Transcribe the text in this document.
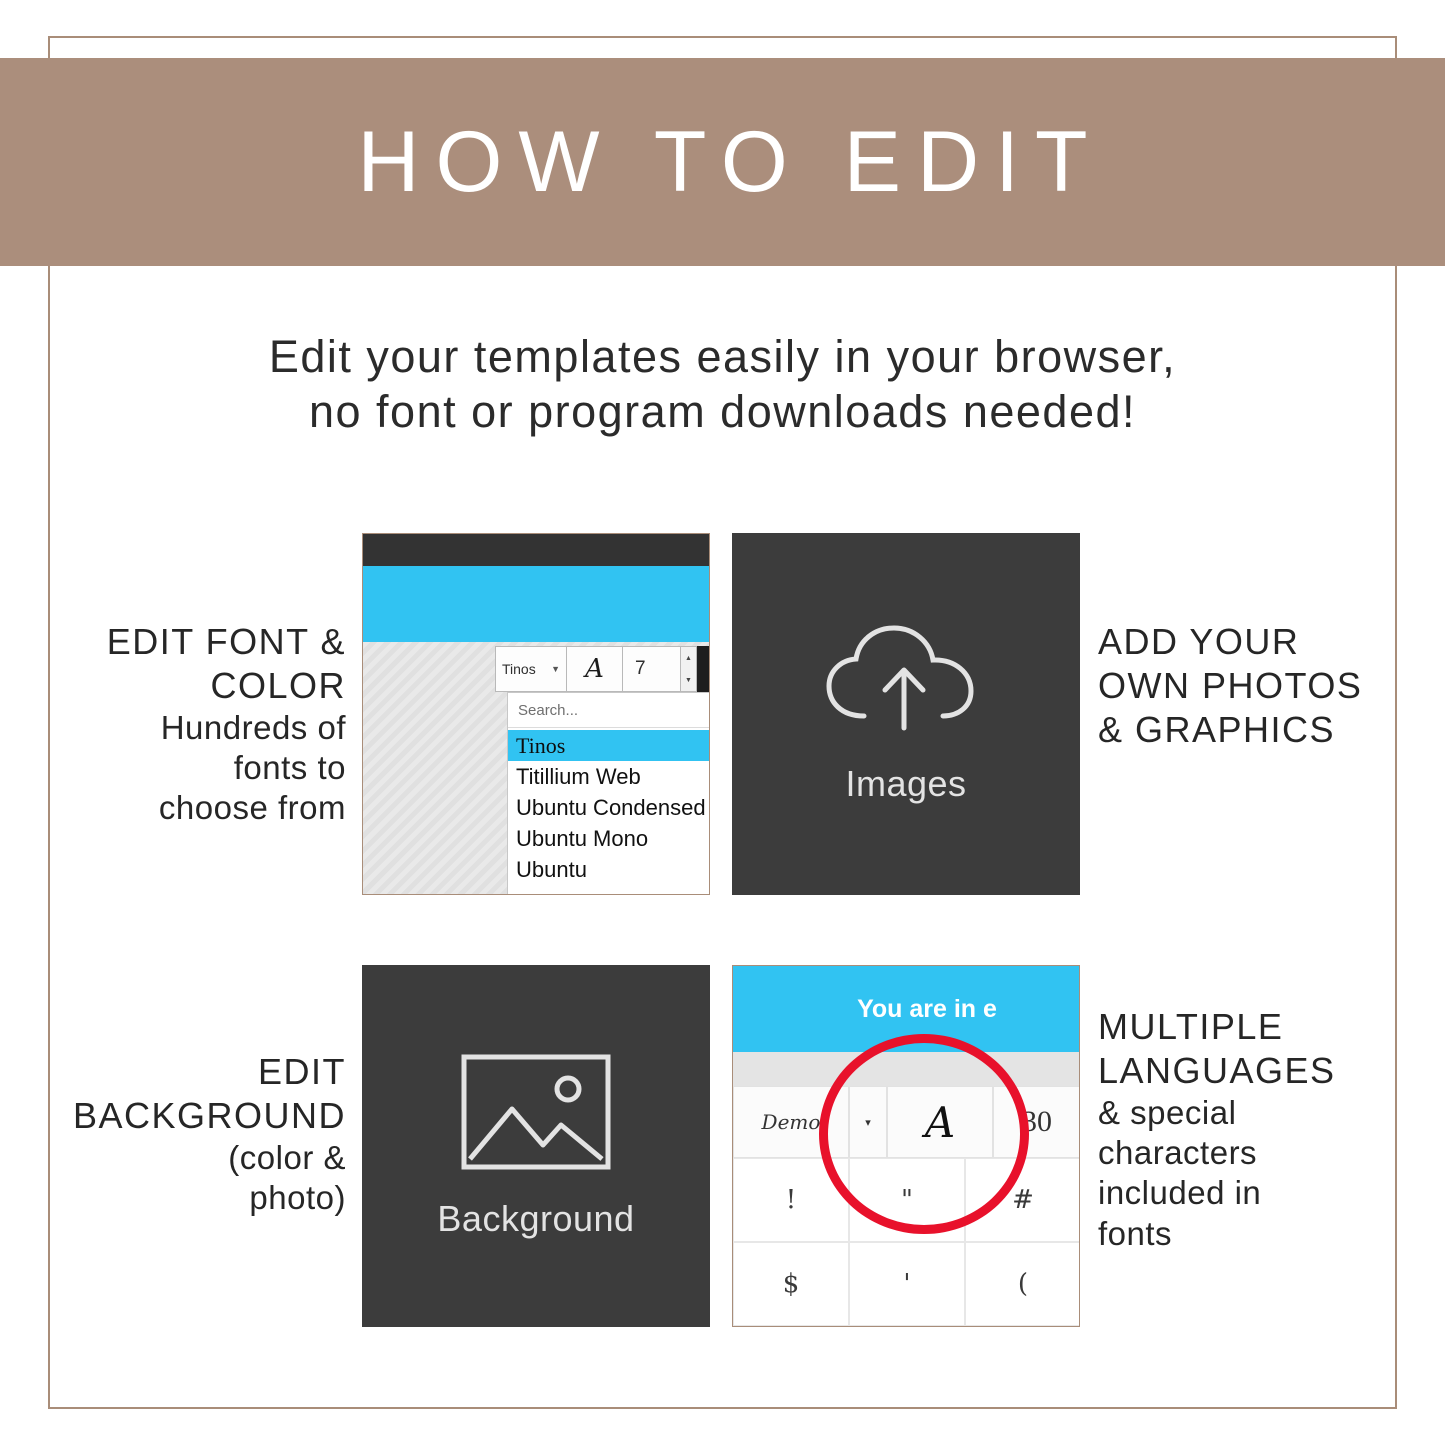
HOW TO EDIT
Edit your templates easily in your browser,
no font or program downloads needed!
Tinos ▼ A	7	▲
▼
Search...
Tinos
Titillium Web
Ubuntu Condensed
Ubuntu Mono
Ubuntu
Images
Background
You are in e
Demo	▾	A	30
!	"	#
$	'	(
EDIT FONT &
COLOR
Hundreds of
fonts to
choose from
ADD YOUR
OWN PHOTOS
& GRAPHICS
EDIT
BACKGROUND
(color &
photo)
MULTIPLE
LANGUAGES
& special
characters
included in
fonts
